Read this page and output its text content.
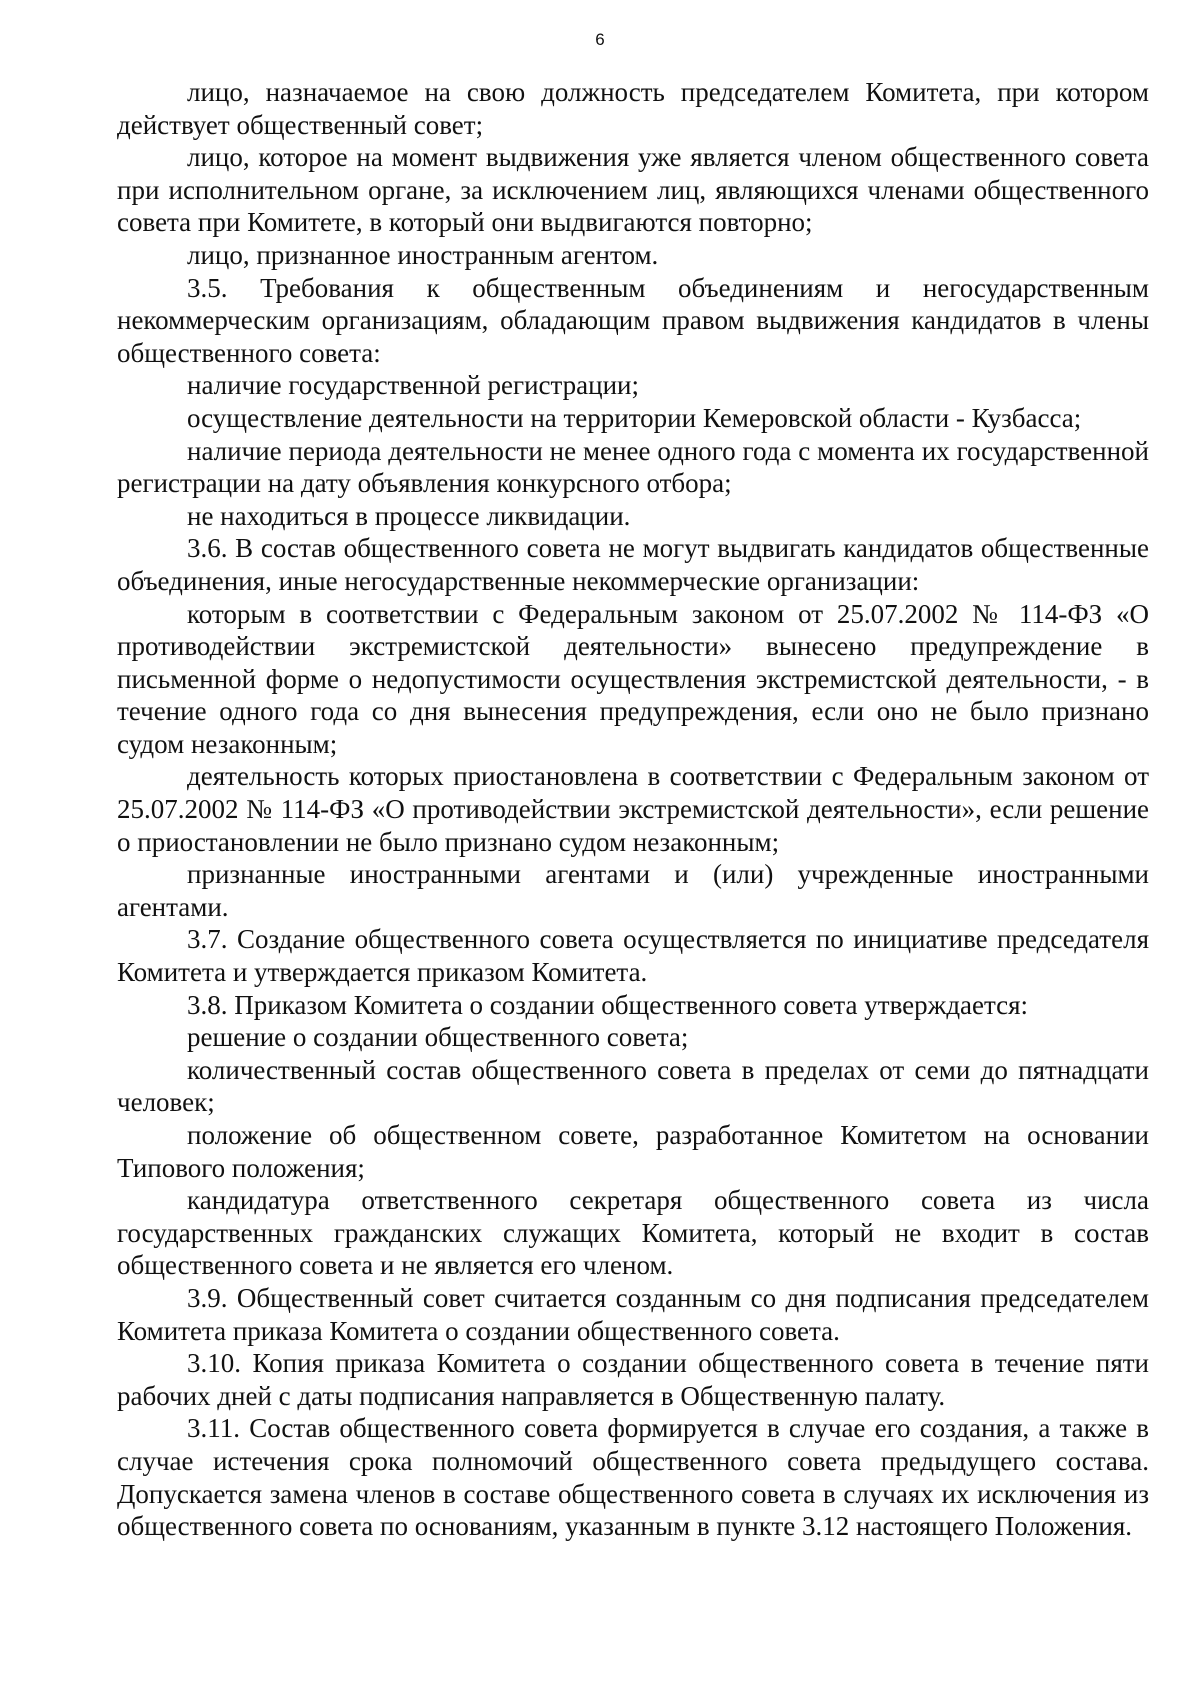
6

лицо, назначаемое на свою должность председателем Комитета, при котором действует общественный совет;

лицо, которое на момент выдвижения уже является членом общественного совета при исполнительном органе, за исключением лиц, являющихся членами общественного совета при Комитете, в который они выдвигаются повторно;

лицо, признанное иностранным агентом.

3.5. Требования к общественным объединениям и негосударственным некоммерческим организациям, обладающим правом выдвижения кандидатов в члены общественного совета:

наличие государственной регистрации;

осуществление деятельности на территории Кемеровской области - Кузбасса;

наличие периода деятельности не менее одного года с момента их государственной регистрации на дату объявления конкурсного отбора;

не находиться в процессе ликвидации.

3.6. В состав общественного совета не могут выдвигать кандидатов общественные объединения, иные негосударственные некоммерческие организации:

которым в соответствии с Федеральным законом от 25.07.2002 № 114-ФЗ «О противодействии экстремистской деятельности» вынесено предупреждение в письменной форме о недопустимости осуществления экстремистской деятельности, - в течение одного года со дня вынесения предупреждения, если оно не было признано судом незаконным;

деятельность которых приостановлена в соответствии с Федеральным законом от 25.07.2002 № 114-ФЗ «О противодействии экстремистской деятельности», если решение о приостановлении не было признано судом незаконным;

признанные иностранными агентами и (или) учрежденные иностранными агентами.

3.7. Создание общественного совета осуществляется по инициативе председателя Комитета и утверждается приказом Комитета.

3.8. Приказом Комитета о создании общественного совета утверждается:

решение о создании общественного совета;

количественный состав общественного совета в пределах от семи до пятнадцати человек;

положение об общественном совете, разработанное Комитетом на основании Типового положения;

кандидатура ответственного секретаря общественного совета из числа государственных гражданских служащих Комитета, который не входит в состав общественного совета и не является его членом.

3.9. Общественный совет считается созданным со дня подписания председателем Комитета приказа Комитета о создании общественного совета.

3.10. Копия приказа Комитета о создании общественного совета в течение пяти рабочих дней с даты подписания направляется в Общественную палату.

3.11. Состав общественного совета формируется в случае его создания, а также в случае истечения срока полномочий общественного совета предыдущего состава. Допускается замена членов в составе общественного совета в случаях их исключения из общественного совета по основаниям, указанным в пункте 3.12 настоящего Положения.
